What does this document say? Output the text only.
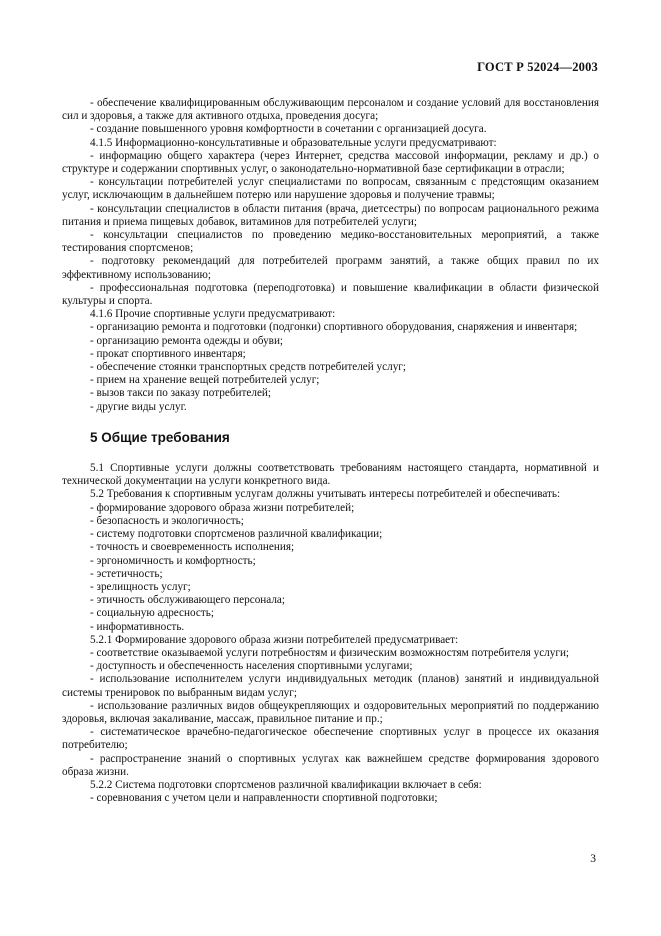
ГОСТ Р 52024—2003

- обеспечение квалифицированным обслуживающим персоналом и создание условий для восстановления сил и здоровья, а также для активного отдыха, проведения досуга;

- создание повышенного уровня комфортности в сочетании с организацией досуга.

4.1.5 Информационно-консультативные и образовательные услуги предусматривают:

- информацию общего характера (через Интернет, средства массовой информации, рекламу и др.) о структуре и содержании спортивных услуг, о законодательно-нормативной базе сертификации в отрасли;

- консультации потребителей услуг специалистами по вопросам, связанным с предстоящим оказанием услуг, исключающим в дальнейшем потерю или нарушение здоровья и получение травмы;

- консультации специалистов в области питания (врача, диетсестры) по вопросам рационального режима питания и приема пищевых добавок, витаминов для потребителей услуги;

- консультации специалистов по проведению медико-восстановительных мероприятий, а также тестирования спортсменов;

- подготовку рекомендаций для потребителей программ занятий, а также общих правил по их эффективному использованию;

- профессиональная подготовка (переподготовка) и повышение квалификации в области физической культуры и спорта.

4.1.6 Прочие спортивные услуги предусматривают:

- организацию ремонта и подготовки (подгонки) спортивного оборудования, снаряжения и инвентаря;

- организацию ремонта одежды и обуви;

- прокат спортивного инвентаря;

- обеспечение стоянки транспортных средств потребителей услуг;

- прием на хранение вещей потребителей услуг;

- вызов такси по заказу потребителей;

- другие виды услуг.

5 Общие требования

5.1 Спортивные услуги должны соответствовать требованиям настоящего стандарта, нормативной и технической документации на услуги конкретного вида.

5.2 Требования к спортивным услугам должны учитывать интересы потребителей и обеспечивать:

- формирование здорового образа жизни потребителей;

- безопасность и экологичность;

- систему подготовки спортсменов различной квалификации;

- точность и своевременность исполнения;

- эргономичность и комфортность;

- эстетичность;

- зрелищность услуг;

- этичность обслуживающего персонала;

- социальную адресность;

- информативность.

5.2.1 Формирование здорового образа жизни потребителей предусматривает:

- соответствие оказываемой услуги потребностям и физическим возможностям потребителя услуги;

- доступность и обеспеченность населения спортивными услугами;

- использование исполнителем услуги индивидуальных методик (планов) занятий и индивидуальной системы тренировок по выбранным видам услуг;

- использование различных видов общеукрепляющих и оздоровительных мероприятий по поддержанию здоровья, включая закаливание, массаж, правильное питание и пр.;

- систематическое врачебно-педагогическое обеспечение спортивных услуг в процессе их оказания потребителю;

- распространение знаний о спортивных услугах как важнейшем средстве формирования здорового образа жизни.

5.2.2 Система подготовки спортсменов различной квалификации включает в себя:

- соревнования с учетом цели и направленности спортивной подготовки;

3
